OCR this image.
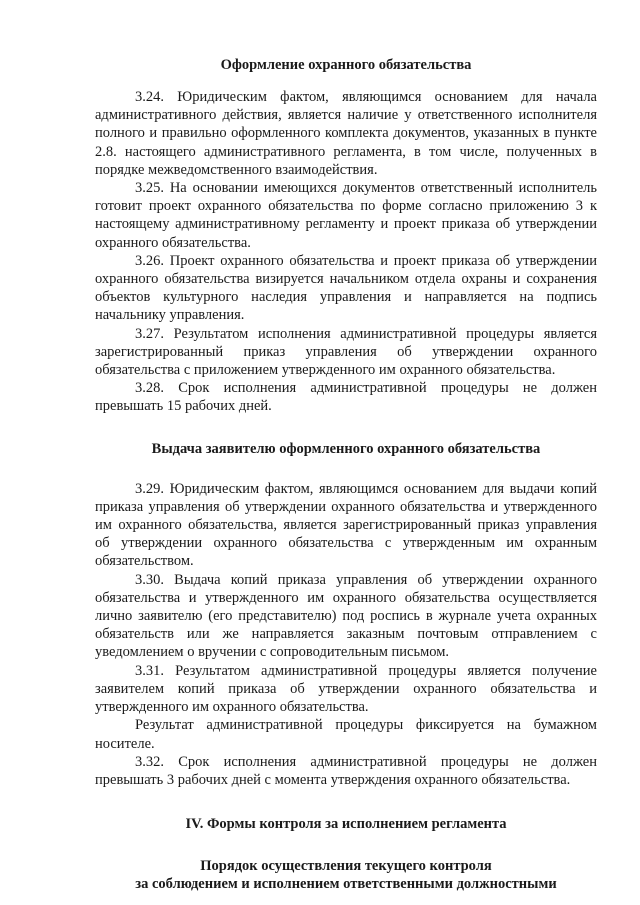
Оформление охранного обязательства

3.24. Юридическим фактом, являющимся основанием для начала административного действия, является наличие у ответственного исполнителя полного и правильно оформленного комплекта документов, указанных в пункте 2.8. настоящего административного регламента, в том числе, полученных в порядке межведомственного взаимодействия.

3.25. На основании имеющихся документов ответственный исполнитель готовит проект охранного обязательства по форме согласно приложению 3 к настоящему административному регламенту и проект приказа об утверждении охранного обязательства.

3.26. Проект охранного обязательства и проект приказа об утверждении охранного обязательства визируется начальником отдела охраны и сохранения объектов культурного наследия управления и направляется на подпись начальнику управления.

3.27. Результатом исполнения административной процедуры является зарегистрированный приказ управления об утверждении охранного обязательства с приложением утвержденного им охранного обязательства.

3.28. Срок исполнения административной процедуры не должен превышать 15 рабочих дней.

Выдача заявителю оформленного охранного обязательства

3.29. Юридическим фактом, являющимся основанием для выдачи копий приказа управления об утверждении охранного обязательства и утвержденного им охранного обязательства, является зарегистрированный приказ управления об утверждении охранного обязательства с утвержденным им охранным обязательством.

3.30. Выдача копий приказа управления об утверждении охранного обязательства и утвержденного им охранного обязательства осуществляется лично заявителю (его представителю) под роспись в журнале учета охранных обязательств или же направляется заказным почтовым отправлением с уведомлением о вручении с сопроводительным письмом.

3.31. Результатом административной процедуры является получение заявителем копий приказа об утверждении охранного обязательства и утвержденного им охранного обязательства.

Результат административной процедуры фиксируется на бумажном носителе.

3.32. Срок исполнения административной процедуры не должен превышать 3 рабочих дней с момента утверждения охранного обязательства.

IV. Формы контроля за исполнением регламента
Порядок осуществления текущего контроля
за соблюдением и исполнением ответственными должностными
